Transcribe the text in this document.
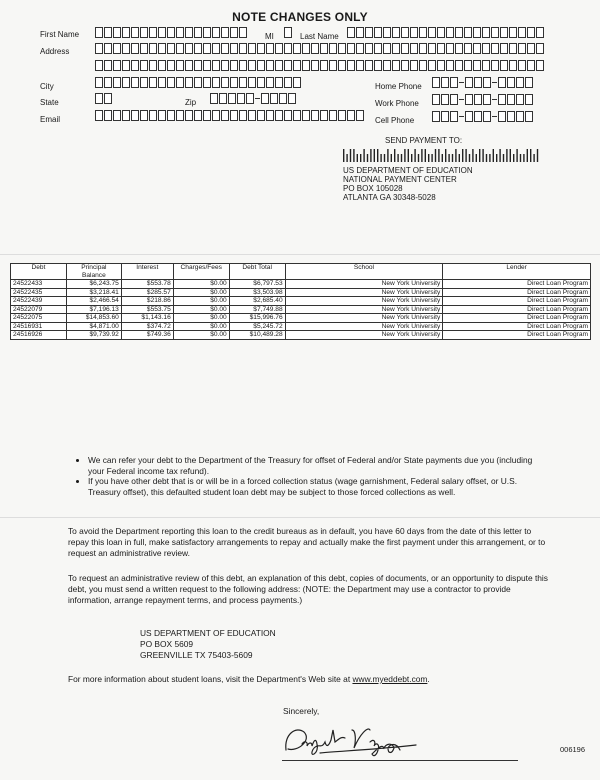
NOTE CHANGES ONLY
First Name	MI	Last Name
Address
City	Home Phone
State	Zip	Work Phone
Email	Cell Phone
SEND PAYMENT TO:
US DEPARTMENT OF EDUCATION
NATIONAL PAYMENT CENTER
PO BOX 105028
ATLANTA GA 30348-5028
Debt	Principal Balance	Interest	Charges/Fees	Debt Total	School	Lender
24522433	$6,243.75	$553.78	$0.00	$6,797.53	New York University	Direct Loan Program
24522435	$3,218.41	$285.57	$0.00	$3,503.98	New York University	Direct Loan Program
24522439	$2,466.54	$218.86	$0.00	$2,685.40	New York University	Direct Loan Program
24522079	$7,196.13	$553.75	$0.00	$7,749.88	New York University	Direct Loan Program
24522075	$14,853.60	$1,143.16	$0.00	$15,996.76	New York University	Direct Loan Program
24516931	$4,871.00	$374.72	$0.00	$5,245.72	New York University	Direct Loan Program
24516926	$9,739.92	$749.36	$0.00	$10,489.28	New York University	Direct Loan Program
• We can refer your debt to the Department of the Treasury for offset of Federal and/or State payments due you (including your Federal income tax refund).
• If you have other debt that is or will be in a forced collection status (wage garnishment, Federal salary offset, or U.S. Treasury offset), this defaulted student loan debt may be subject to those forced collections as well.
To avoid the Department reporting this loan to the credit bureaus as in default, you have 60 days from the date of this letter to repay this loan in full, make satisfactory arrangements to repay and actually make the first payment under this arrangement, or to request an administrative review.
To request an administrative review of this debt, an explanation of this debt, copies of documents, or an opportunity to dispute this debt, you must send a written request to the following address: (NOTE: the Department may use a contractor to provide information, arrange repayment terms, and process payments.)
US DEPARTMENT OF EDUCATION
PO BOX 5609
GREENVILLE TX 75403-5609
For more information about student loans, visit the Department's Web site at www.myeddebt.com.
Sincerely,
006196
